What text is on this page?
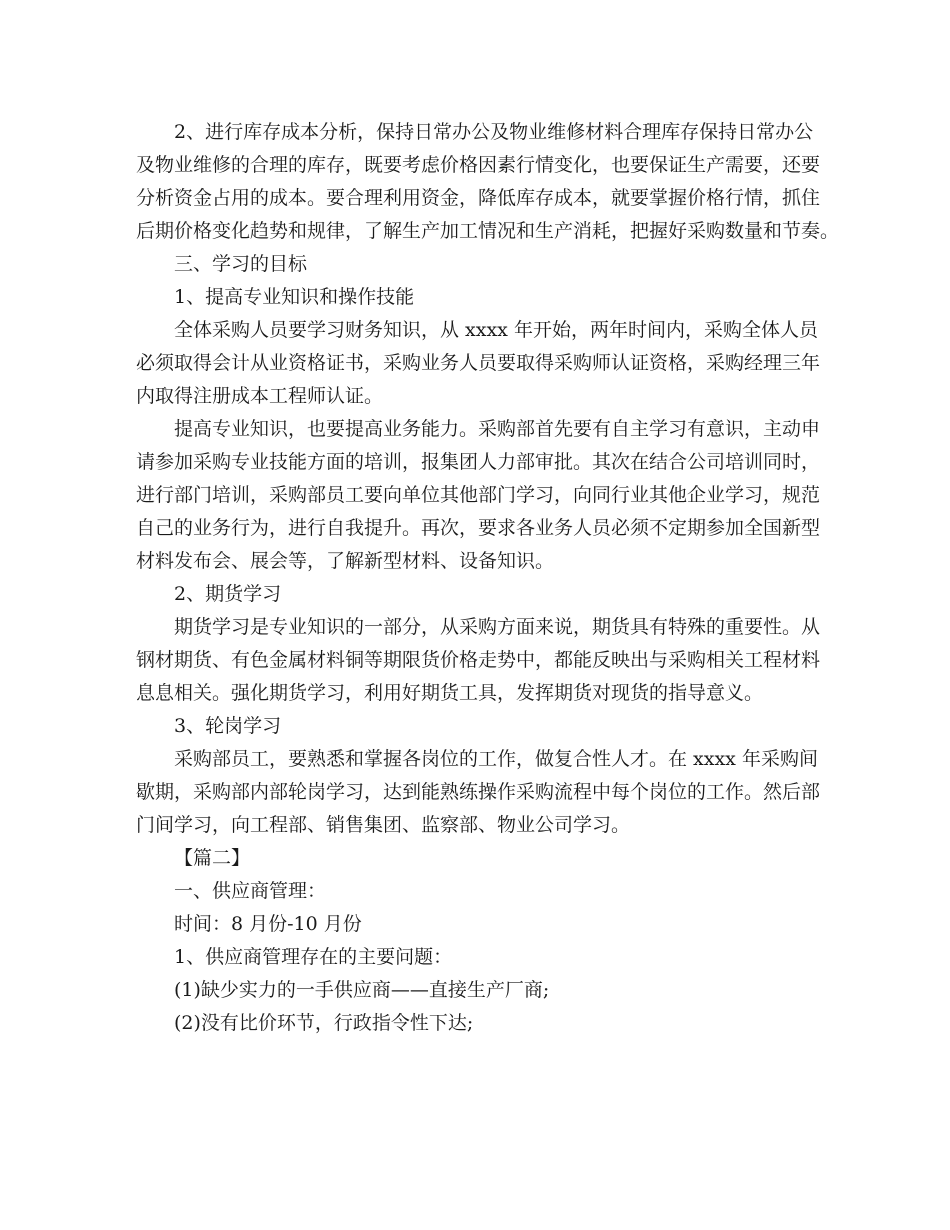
2、进行库存成本分析，保持日常办公及物业维修材料合理库存保持日常办公
及物业维修的合理的库存，既要考虑价格因素行情变化，也要保证生产需要，还要
分析资金占用的成本。要合理利用资金，降低库存成本，就要掌握价格行情，抓住
后期价格变化趋势和规律，了解生产加工情况和生产消耗，把握好采购数量和节奏。
三、学习的目标
1、提高专业知识和操作技能
全体采购人员要学习财务知识，从 xxxx 年开始，两年时间内，采购全体人员
必须取得会计从业资格证书，采购业务人员要取得采购师认证资格，采购经理三年
内取得注册成本工程师认证。
提高专业知识，也要提高业务能力。采购部首先要有自主学习有意识，主动申
请参加采购专业技能方面的培训，报集团人力部审批。其次在结合公司培训同时，
进行部门培训，采购部员工要向单位其他部门学习，向同行业其他企业学习，规范
自己的业务行为，进行自我提升。再次，要求各业务人员必须不定期参加全国新型
材料发布会、展会等，了解新型材料、设备知识。
2、期货学习
期货学习是专业知识的一部分，从采购方面来说，期货具有特殊的重要性。从
钢材期货、有色金属材料铜等期限货价格走势中，都能反映出与采购相关工程材料
息息相关。强化期货学习，利用好期货工具，发挥期货对现货的指导意义。
3、轮岗学习
采购部员工，要熟悉和掌握各岗位的工作，做复合性人才。在 xxxx 年采购间
歇期，采购部内部轮岗学习，达到能熟练操作采购流程中每个岗位的工作。然后部
门间学习，向工程部、销售集团、监察部、物业公司学习。
【篇二】
一、供应商管理：
时间：8 月份-10 月份
1、供应商管理存在的主要问题：
(1)缺少实力的一手供应商——直接生产厂商;
(2)没有比价环节，行政指令性下达;
